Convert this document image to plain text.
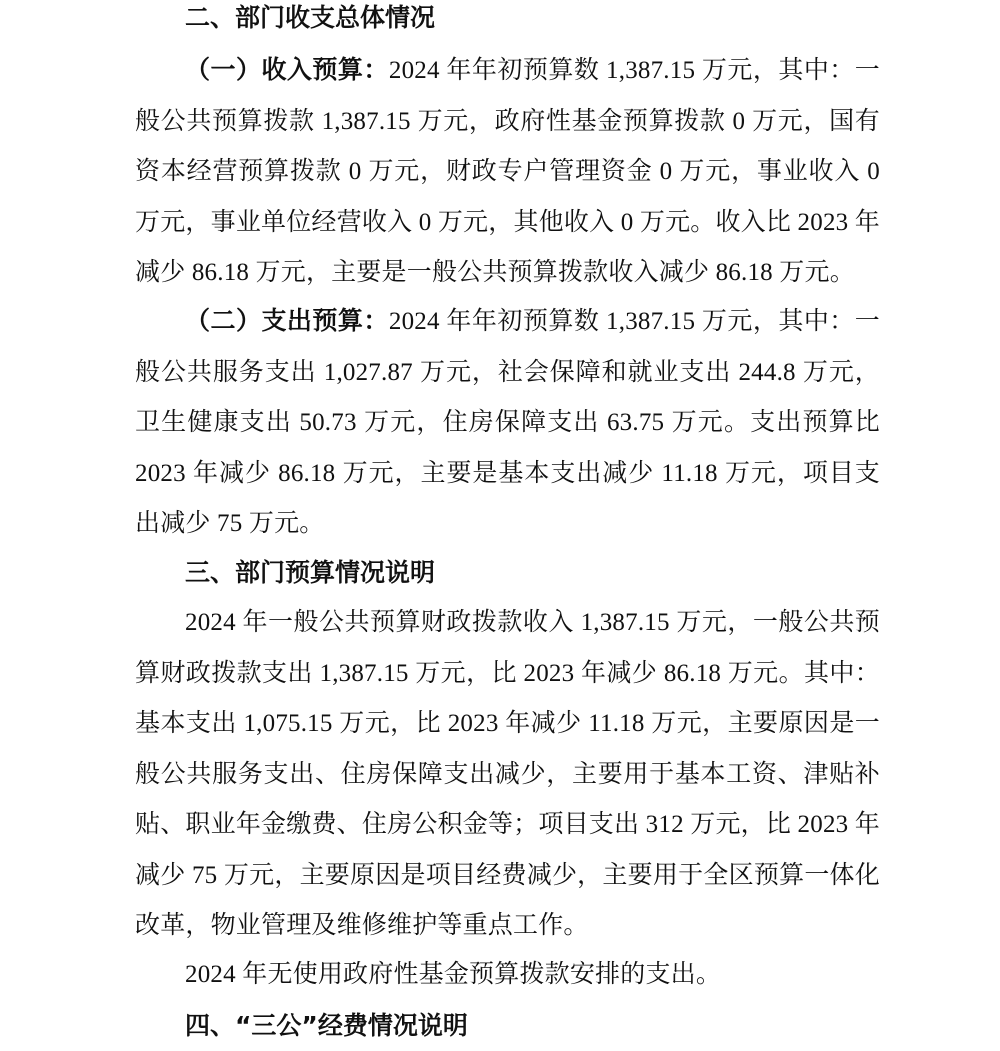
二、部门收支总体情况

（一）收入预算：2024 年年初预算数 1,387.15 万元，其中：一般公共预算拨款 1,387.15 万元，政府性基金预算拨款 0 万元，国有资本经营预算拨款 0 万元，财政专户管理资金 0 万元，事业收入 0 万元，事业单位经营收入 0 万元，其他收入 0 万元。收入比 2023 年减少 86.18 万元，主要是一般公共预算拨款收入减少 86.18 万元。

（二）支出预算：2024 年年初预算数 1,387.15 万元，其中：一般公共服务支出 1,027.87 万元，社会保障和就业支出 244.8 万元，卫生健康支出 50.73 万元，住房保障支出 63.75 万元。支出预算比 2023 年减少 86.18 万元，主要是基本支出减少 11.18 万元，项目支出减少 75 万元。

三、部门预算情况说明

2024 年一般公共预算财政拨款收入 1,387.15 万元，一般公共预算财政拨款支出 1,387.15 万元，比 2023 年减少 86.18 万元。其中：基本支出 1,075.15 万元，比 2023 年减少 11.18 万元，主要原因是一般公共服务支出、住房保障支出减少，主要用于基本工资、津贴补贴、职业年金缴费、住房公积金等；项目支出 312 万元，比 2023 年减少 75 万元，主要原因是项目经费减少，主要用于全区预算一体化改革，物业管理及维修维护等重点工作。

2024 年无使用政府性基金预算拨款安排的支出。

四、“三公”经费情况说明
